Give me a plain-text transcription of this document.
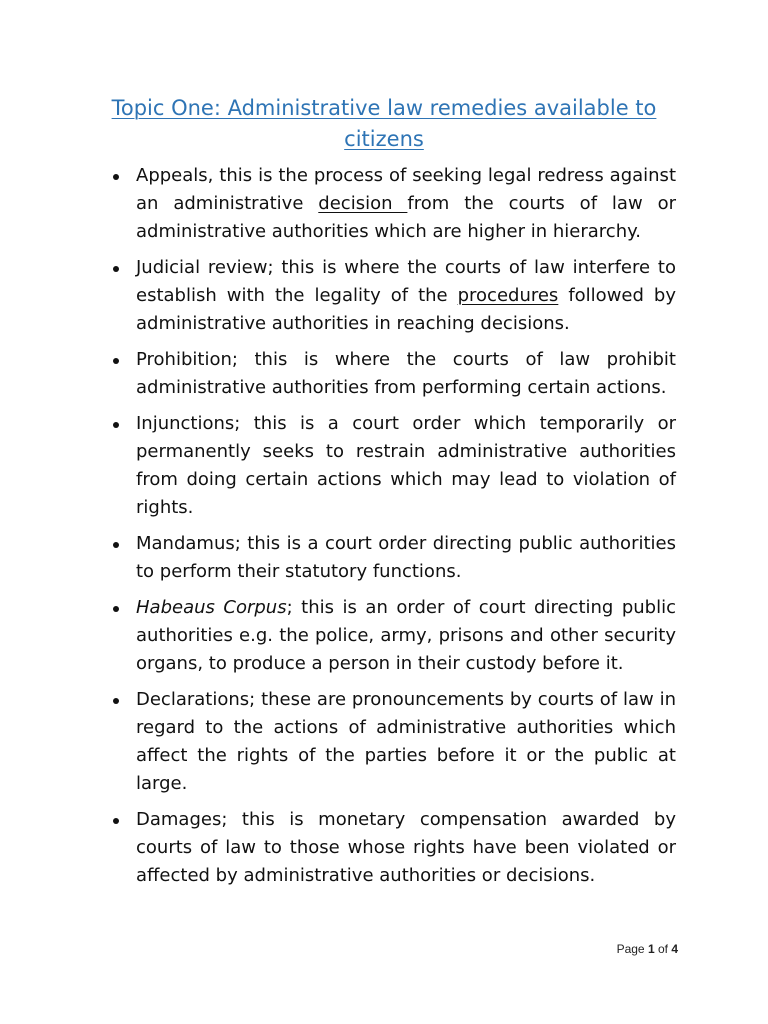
Topic One: Administrative law remedies available to citizens
Appeals, this is the process of seeking legal redress against an administrative decision from the courts of law or administrative authorities which are higher in hierarchy.
Judicial review; this is where the courts of law interfere to establish with the legality of the procedures followed by administrative authorities in reaching decisions.
Prohibition; this is where the courts of law prohibit administrative authorities from performing certain actions.
Injunctions; this is a court order which temporarily or permanently seeks to restrain administrative authorities from doing certain actions which may lead to violation of rights.
Mandamus; this is a court order directing public authorities to perform their statutory functions.
Habeaus Corpus; this is an order of court directing public authorities e.g. the police, army, prisons and other security organs, to produce a person in their custody before it.
Declarations; these are pronouncements by courts of law in regard to the actions of administrative authorities which affect the rights of the parties before it or the public at large.
Damages; this is monetary compensation awarded by courts of law to those whose rights have been violated or affected by administrative authorities or decisions.
Page 1 of 4
